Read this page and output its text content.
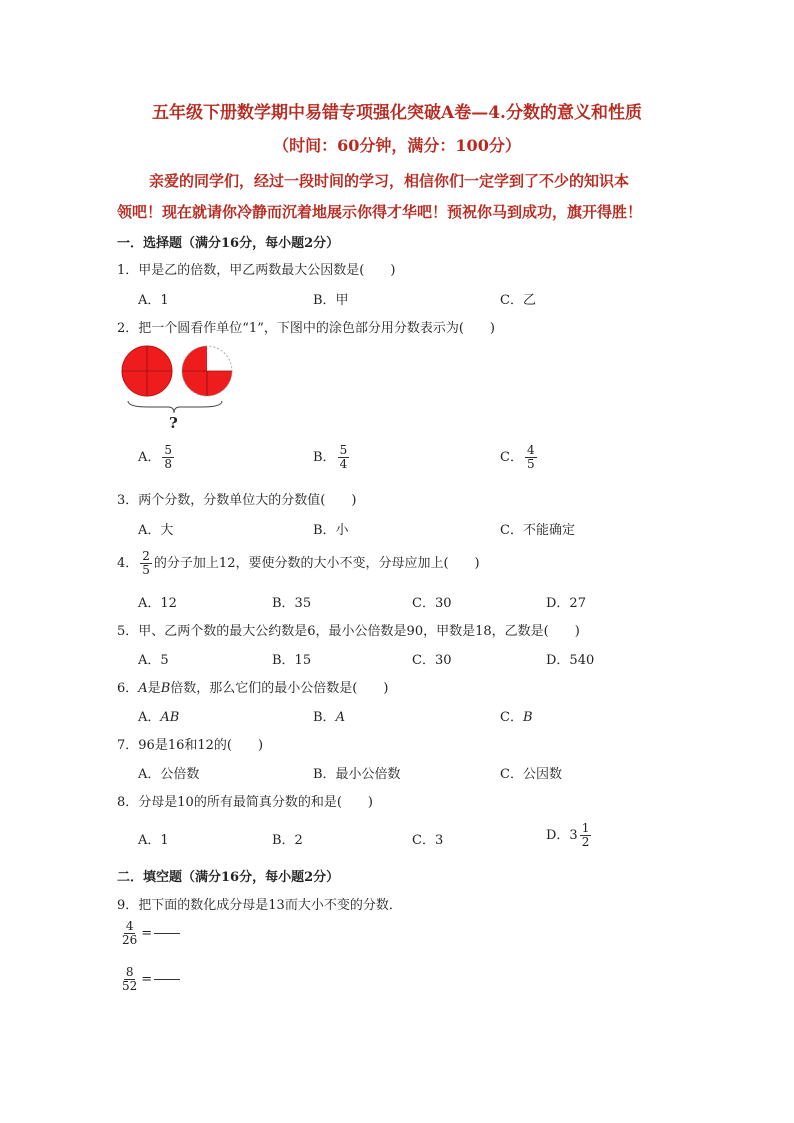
五年级下册数学期中易错专项强化突破A卷—4.分数的意义和性质
（时间：60分钟，满分：100分）
亲爱的同学们，经过一段时间的学习，相信你们一定学到了不少的知识本
领吧！现在就请你冷静而沉着地展示你得才华吧！预祝你马到成功，旗开得胜！
一．选择题（满分16分，每小题2分）
1．甲是乙的倍数，甲乙两数最大公因数是(　　)
A．1	B．甲	C．乙
2．把一个圆看作单位“1”，下图中的涂色部分用分数表示为(　　)
?
A． $\frac{5}{8}$	B． $\frac{5}{4}$	C． $\frac{4}{5}$
3．两个分数，分数单位大的分数值(　　)
A．大	B．小	C．不能确定
4． $\frac{2}{5}$ 的分子加上12，要使分数的大小不变，分母应加上(　　)
A．12	B．35	C．30	D．27
5．甲、乙两个数的最大公约数是6，最小公倍数是90，甲数是18，乙数是(　　)
A．5	B．15	C．30	D．540
6．A是B倍数，那么它们的最小公倍数是(　　)
A．AB	B．A	C．B
7．96是16和12的(　　)
A．公倍数	B．最小公倍数	C．公因数
8．分母是10的所有最简真分数的和是(　　)
A．1	B．2	C．3	D．$3 \frac{1}{2}$
二．填空题（满分16分，每小题2分）
9．把下面的数化成分母是13而大小不变的分数．
$\frac{4}{26}$ =
$\frac{8}{52}$ =
